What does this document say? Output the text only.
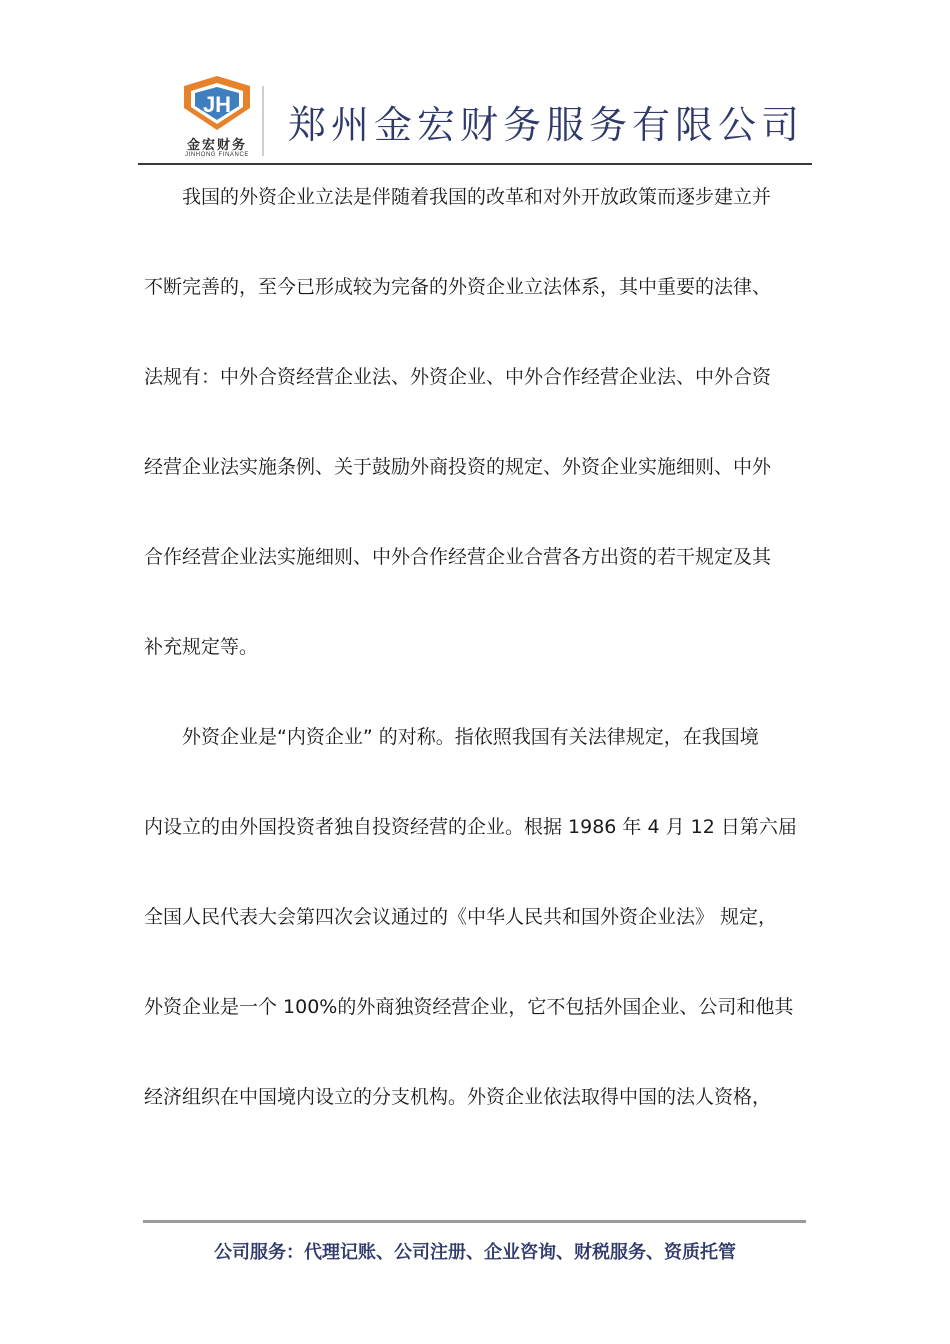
JH
金宏财务
JINHONG FINANCE
郑州金宏财务服务有限公司
我国的外资企业立法是伴随着我国的改革和对外开放政策而逐步建立并
不断完善的，至今已形成较为完备的外资企业立法体系，其中重要的法律、
法规有：中外合资经营企业法、外资企业、中外合作经营企业法、中外合资
经营企业法实施条例、关于鼓励外商投资的规定、外资企业实施细则、中外
合作经营企业法实施细则、中外合作经营企业合营各方出资的若干规定及其
补充规定等。
外资企业是“内资企业” 的对称。指依照我国有关法律规定，在我国境
内设立的由外国投资者独自投资经营的企业。根据 1986 年 4 月 12 日第六届
全国人民代表大会第四次会议通过的《中华人民共和国外资企业法》 规定，
外资企业是一个 100%的外商独资经营企业，它不包括外国企业、公司和他其
经济组织在中国境内设立的分支机构。外资企业依法取得中国的法人资格，
公司服务：代理记账、公司注册、企业咨询、财税服务、资质托管
